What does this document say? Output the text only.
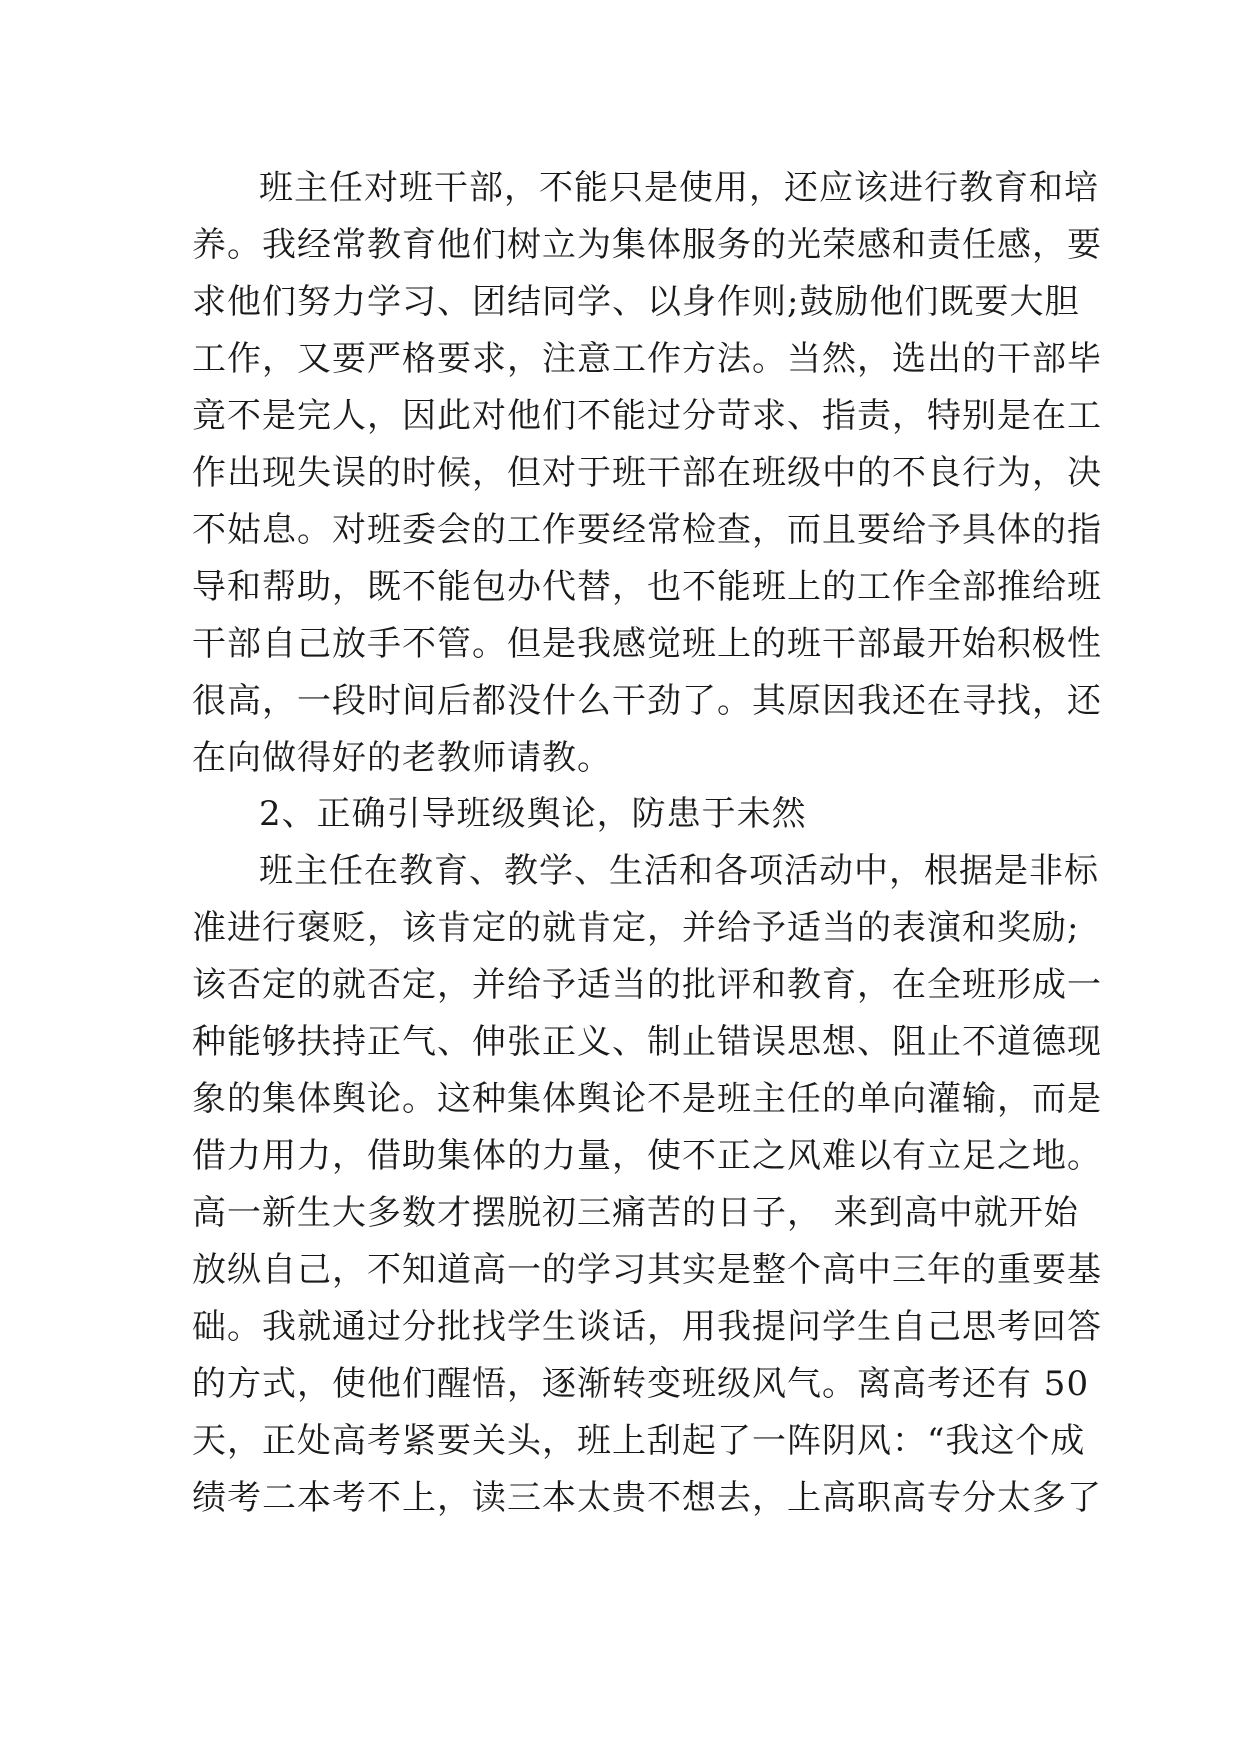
班主任对班干部，不能只是使用，还应该进行教育和培
养。我经常教育他们树立为集体服务的光荣感和责任感，要
求他们努力学习、团结同学、以身作则;鼓励他们既要大胆
工作，又要严格要求，注意工作方法。当然，选出的干部毕
竟不是完人，因此对他们不能过分苛求、指责，特别是在工
作出现失误的时候，但对于班干部在班级中的不良行为，决
不姑息。对班委会的工作要经常检查，而且要给予具体的指
导和帮助，既不能包办代替，也不能班上的工作全部推给班
干部自己放手不管。但是我感觉班上的班干部最开始积极性
很高，一段时间后都没什么干劲了。其原因我还在寻找，还
在向做得好的老教师请教。
2、正确引导班级舆论，防患于未然
班主任在教育、教学、生活和各项活动中，根据是非标
准进行褒贬，该肯定的就肯定，并给予适当的表演和奖励;
该否定的就否定，并给予适当的批评和教育，在全班形成一
种能够扶持正气、伸张正义、制止错误思想、阻止不道德现
象的集体舆论。这种集体舆论不是班主任的单向灌输，而是
借力用力，借助集体的力量，使不正之风难以有立足之地。
高一新生大多数才摆脱初三痛苦的日子， 来到高中就开始
放纵自己，不知道高一的学习其实是整个高中三年的重要基
础。我就通过分批找学生谈话，用我提问学生自己思考回答
的方式，使他们醒悟，逐渐转变班级风气。离高考还有 50
天，正处高考紧要关头，班上刮起了一阵阴风：“我这个成
绩考二本考不上，读三本太贵不想去，上高职高专分太多了
